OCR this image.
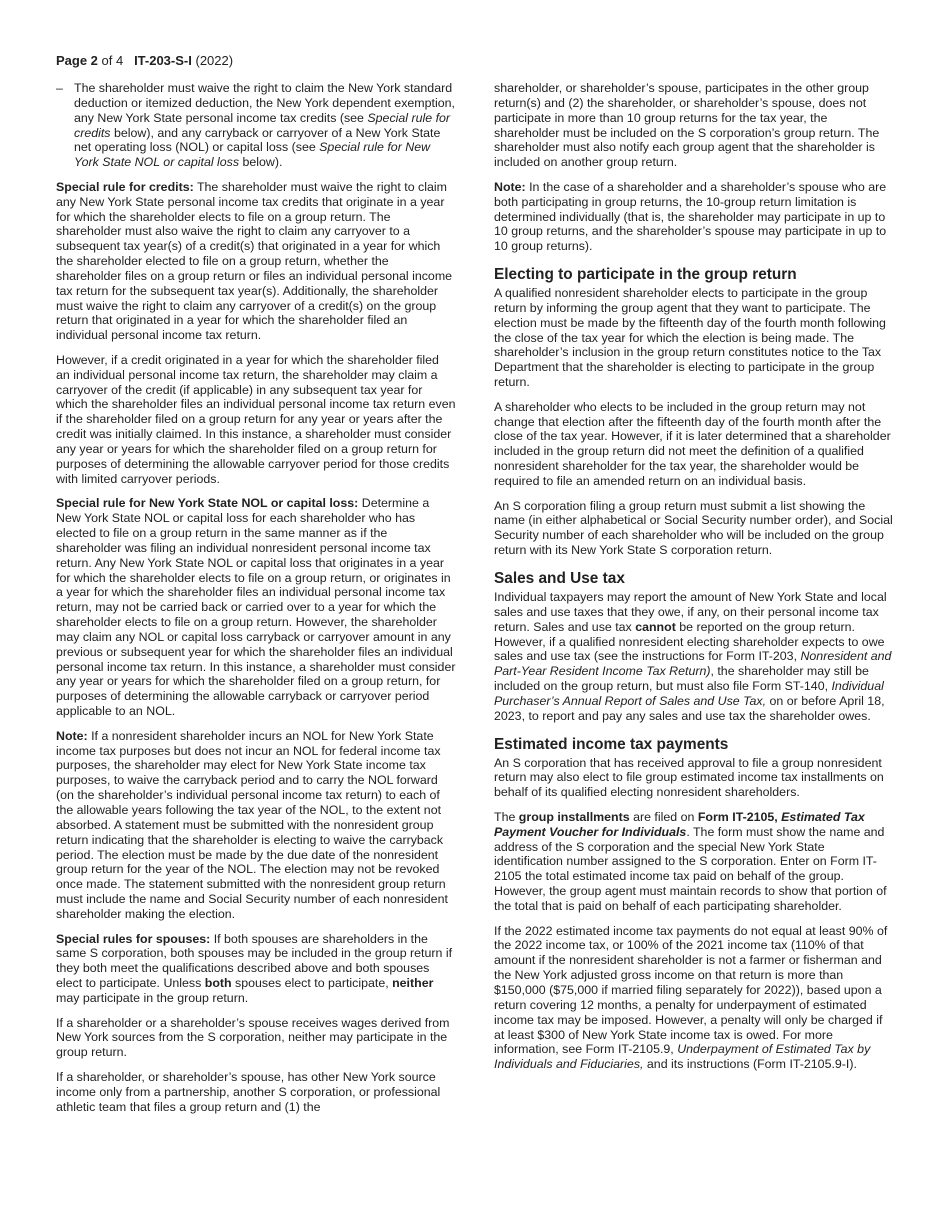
Page 2 of 4 IT-203-S-I (2022)

– The shareholder must waive the right to claim the New York standard deduction or itemized deduction, the New York dependent exemption, any New York State personal income tax credits (see Special rule for credits below), and any carryback or carryover of a New York State net operating loss (NOL) or capital loss (see Special rule for New York State NOL or capital loss below).

Special rule for credits: The shareholder must waive the right to claim any New York State personal income tax credits that originate in a year for which the shareholder elects to file on a group return. The shareholder must also waive the right to claim any carryover to a subsequent tax year(s) of a credit(s) that originated in a year for which the shareholder elected to file on a group return, whether the shareholder files on a group return or files an individual personal income tax return for the subsequent tax year(s). Additionally, the shareholder must waive the right to claim any carryover of a credit(s) on the group return that originated in a year for which the shareholder filed an individual personal income tax return.

However, if a credit originated in a year for which the shareholder filed an individual personal income tax return, the shareholder may claim a carryover of the credit (if applicable) in any subsequent tax year for which the shareholder files an individual personal income tax return even if the shareholder filed on a group return for any year or years after the credit was initially claimed. In this instance, a shareholder must consider any year or years for which the shareholder filed on a group return for purposes of determining the allowable carryover period for those credits with limited carryover periods.

Special rule for New York State NOL or capital loss: Determine a New York State NOL or capital loss for each shareholder who has elected to file on a group return in the same manner as if the shareholder was filing an individual nonresident personal income tax return. Any New York State NOL or capital loss that originates in a year for which the shareholder elects to file on a group return, or originates in a year for which the shareholder files an individual personal income tax return, may not be carried back or carried over to a year for which the shareholder elects to file on a group return. However, the shareholder may claim any NOL or capital loss carryback or carryover amount in any previous or subsequent year for which the shareholder files an individual personal income tax return. In this instance, a shareholder must consider any year or years for which the shareholder filed on a group return, for purposes of determining the allowable carryback or carryover period applicable to an NOL.

Note: If a nonresident shareholder incurs an NOL for New York State income tax purposes but does not incur an NOL for federal income tax purposes, the shareholder may elect for New York State income tax purposes, to waive the carryback period and to carry the NOL forward (on the shareholder’s individual personal income tax return) to each of the allowable years following the tax year of the NOL, to the extent not absorbed. A statement must be submitted with the nonresident group return indicating that the shareholder is electing to waive the carryback period. The election must be made by the due date of the nonresident group return for the year of the NOL. The election may not be revoked once made. The statement submitted with the nonresident group return must include the name and Social Security number of each nonresident shareholder making the election.

Special rules for spouses: If both spouses are shareholders in the same S corporation, both spouses may be included in the group return if they both meet the qualifications described above and both spouses elect to participate. Unless both spouses elect to participate, neither may participate in the group return.

If a shareholder or a shareholder’s spouse receives wages derived from New York sources from the S corporation, neither may participate in the group return.

If a shareholder, or shareholder’s spouse, has other New York source income only from a partnership, another S corporation, or professional athletic team that files a group return and (1) the

shareholder, or shareholder’s spouse, participates in the other group return(s) and (2) the shareholder, or shareholder’s spouse, does not participate in more than 10 group returns for the tax year, the shareholder must be included on the S corporation’s group return. The shareholder must also notify each group agent that the shareholder is included on another group return.

Note: In the case of a shareholder and a shareholder’s spouse who are both participating in group returns, the 10-group return limitation is determined individually (that is, the shareholder may participate in up to 10 group returns, and the shareholder’s spouse may participate in up to 10 group returns).

Electing to participate in the group return

A qualified nonresident shareholder elects to participate in the group return by informing the group agent that they want to participate. The election must be made by the fifteenth day of the fourth month following the close of the tax year for which the election is being made. The shareholder’s inclusion in the group return constitutes notice to the Tax Department that the shareholder is electing to participate in the group return.

A shareholder who elects to be included in the group return may not change that election after the fifteenth day of the fourth month after the close of the tax year. However, if it is later determined that a shareholder included in the group return did not meet the definition of a qualified nonresident shareholder for the tax year, the shareholder would be required to file an amended return on an individual basis.

An S corporation filing a group return must submit a list showing the name (in either alphabetical or Social Security number order), and Social Security number of each shareholder who will be included on the group return with its New York State S corporation return.

Sales and Use tax

Individual taxpayers may report the amount of New York State and local sales and use taxes that they owe, if any, on their personal income tax return. Sales and use tax cannot be reported on the group return. However, if a qualified nonresident electing shareholder expects to owe sales and use tax (see the instructions for Form IT-203, Nonresident and Part-Year Resident Income Tax Return), the shareholder may still be included on the group return, but must also file Form ST-140, Individual Purchaser’s Annual Report of Sales and Use Tax, on or before April 18, 2023, to report and pay any sales and use tax the shareholder owes.

Estimated income tax payments

An S corporation that has received approval to file a group nonresident return may also elect to file group estimated income tax installments on behalf of its qualified electing nonresident shareholders.

The group installments are filed on Form IT-2105, Estimated Tax Payment Voucher for Individuals. The form must show the name and address of the S corporation and the special New York State identification number assigned to the S corporation. Enter on Form IT-2105 the total estimated income tax paid on behalf of the group. However, the group agent must maintain records to show that portion of the total that is paid on behalf of each participating shareholder.

If the 2022 estimated income tax payments do not equal at least 90% of the 2022 income tax, or 100% of the 2021 income tax (110% of that amount if the nonresident shareholder is not a farmer or fisherman and the New York adjusted gross income on that return is more than $150,000 ($75,000 if married filing separately for 2022)), based upon a return covering 12 months, a penalty for underpayment of estimated income tax may be imposed. However, a penalty will only be charged if at least $300 of New York State income tax is owed. For more information, see Form IT-2105.9, Underpayment of Estimated Tax by Individuals and Fiduciaries, and its instructions (Form IT-2105.9-I).
